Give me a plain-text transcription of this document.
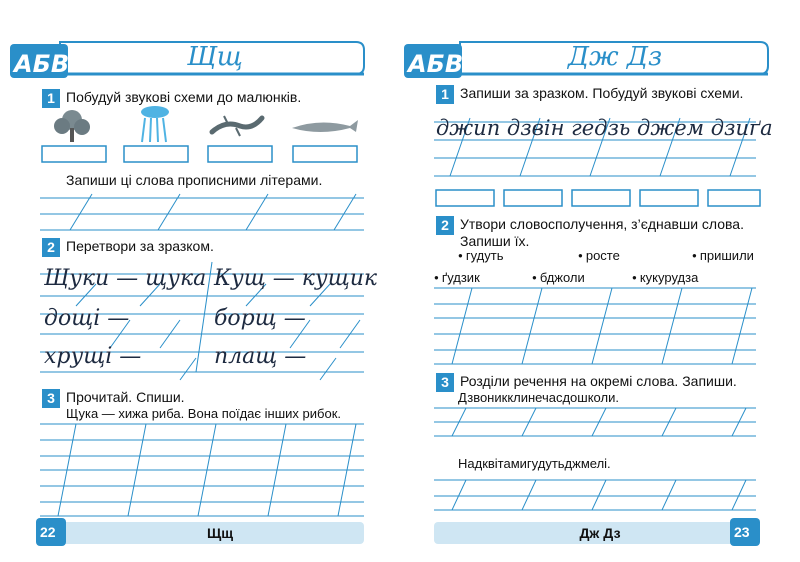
АБВ	АБВ
Щщ
1 Побудуй звукові схеми до малюнків.
Запиши ці слова прописними літерами.
2 Перетвори за зразком.
Щуки — щука Кущ — кущик
дощі —	борщ —
хрущі —	плащ —
3 Прочитай. Спиши.
Щука — хижа риба. Вона поїдає інших рибок.
22	Щщ
Дж Дз
1 Запиши за зразком. Побудуй звукові схеми.
джип дзвін гедзь джем дзиґа
2 Утвори словосполучення, з’єднавши слова.
Запиши їх.
● гудуть	● росте	● пришили
● ґудзик	● бджоли	● кукурудза
3 Розділи речення на окремі слова. Запиши.
Дзвоникклинечасдошколи.
Надквітамигудутьджмелі.
Дж Дз	23
